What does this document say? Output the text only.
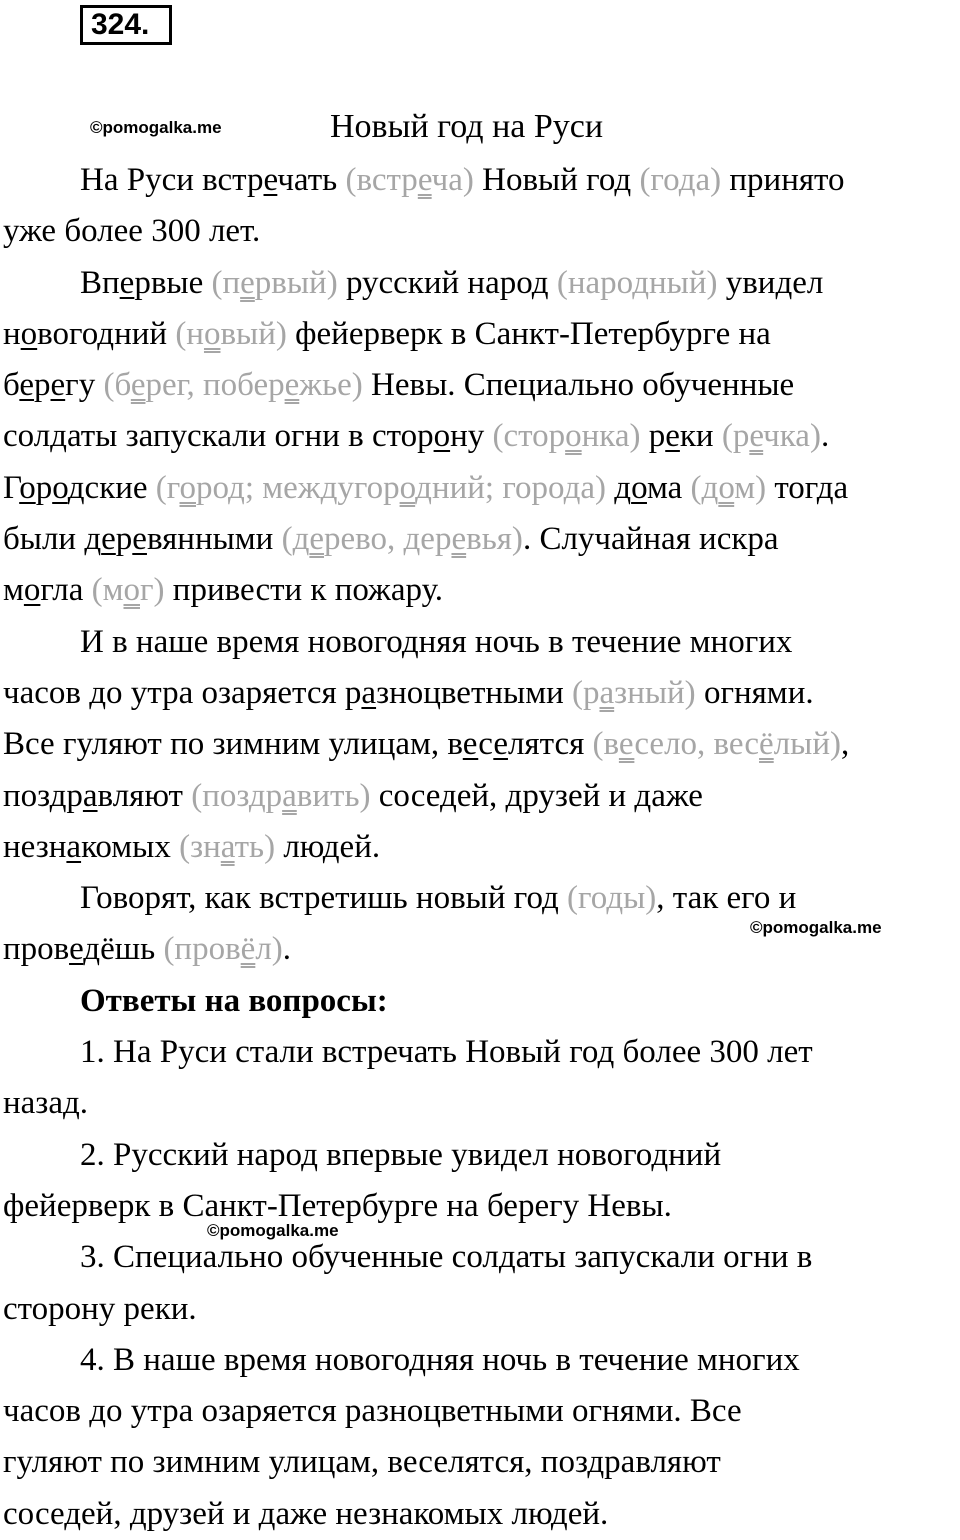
324.
©pomogalka.me
©pomogalka.me
©pomogalka.me
Новый год на Руси
На Руси встречать (встреча) Новый год (года) принято
уже более 300 лет.
Впервые (первый) русский народ (народный) увидел
новогодний (новый) фейерверк в Санкт-Петербурге на
берегу (берег, побережье) Невы. Специально обученные
солдаты запускали огни в сторону (сторонка) реки (речка).
Городские (город; междугородний; города) дома (дом) тогда
были деревянными (дерево, деревья). Случайная искра
могла (мог) привести к пожару.
И в наше время новогодняя ночь в течение многих
часов до утра озаряется разноцветными (разный) огнями.
Все гуляют по зимним улицам, веселятся (весело, весёлый),
поздравляют (поздравить) соседей, друзей и даже
незнакомых (знать) людей.
Говорят, как встретишь новый год (годы), так его и
проведёшь (провёл).
Ответы на вопросы:
1. На Руси стали встречать Новый год более 300 лет
назад.
2. Русский народ впервые увидел новогодний
фейерверк в Санкт-Петербурге на берегу Невы.
3. Специально обученные солдаты запускали огни в
сторону реки.
4. В наше время новогодняя ночь в течение многих
часов до утра озаряется разноцветными огнями. Все
гуляют по зимним улицам, веселятся, поздравляют
соседей, друзей и даже незнакомых людей.
